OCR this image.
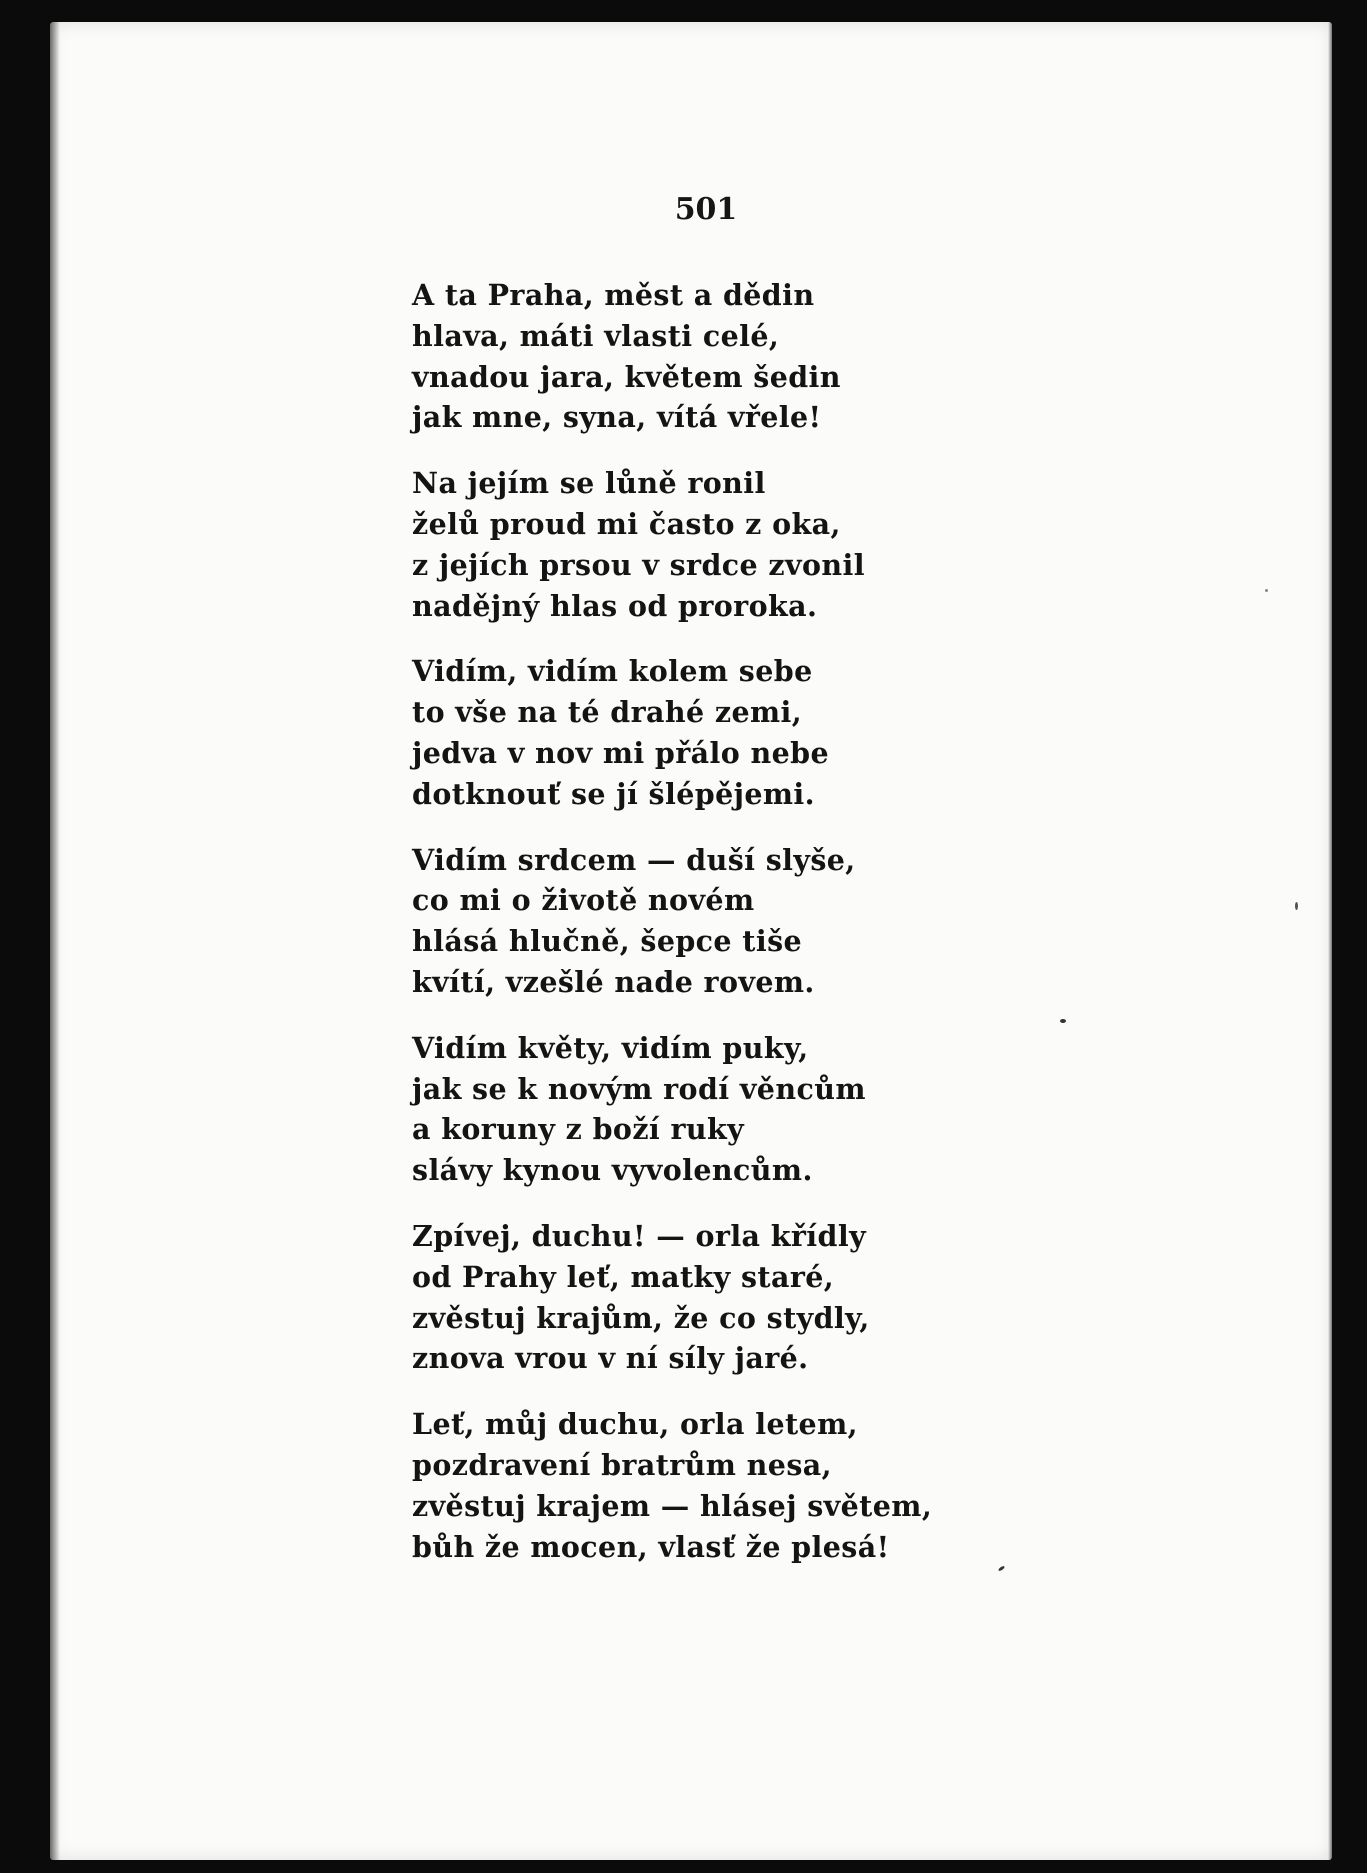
501
A ta Praha, měst a dědin
hlava, máti vlasti celé,
vnadou jara, květem šedin
jak mne, syna, vítá vřele!
Na jejím se lůně ronil
želů proud mi často z oka,
z jejích prsou v srdce zvonil
nadějný hlas od proroka.
Vidím, vidím kolem sebe
to vše na té drahé zemi,
jedva v nov mi přálo nebe
dotknouť se jí šlépějemi.
Vidím srdcem — duší slyše,
co mi o životě novém
hlásá hlučně, šepce tiše
kvítí, vzešlé nade rovem.
Vidím květy, vidím puky,
jak se k novým rodí věncům
a koruny z boží ruky
slávy kynou vyvolencům.
Zpívej, duchu! — orla křídly
od Prahy leť, matky staré,
zvěstuj krajům, že co stydly,
znova vrou v ní síly jaré.
Leť, můj duchu, orla letem,
pozdravení bratrům nesa,
zvěstuj krajem — hlásej světem,
bůh že mocen, vlasť že plesá!
